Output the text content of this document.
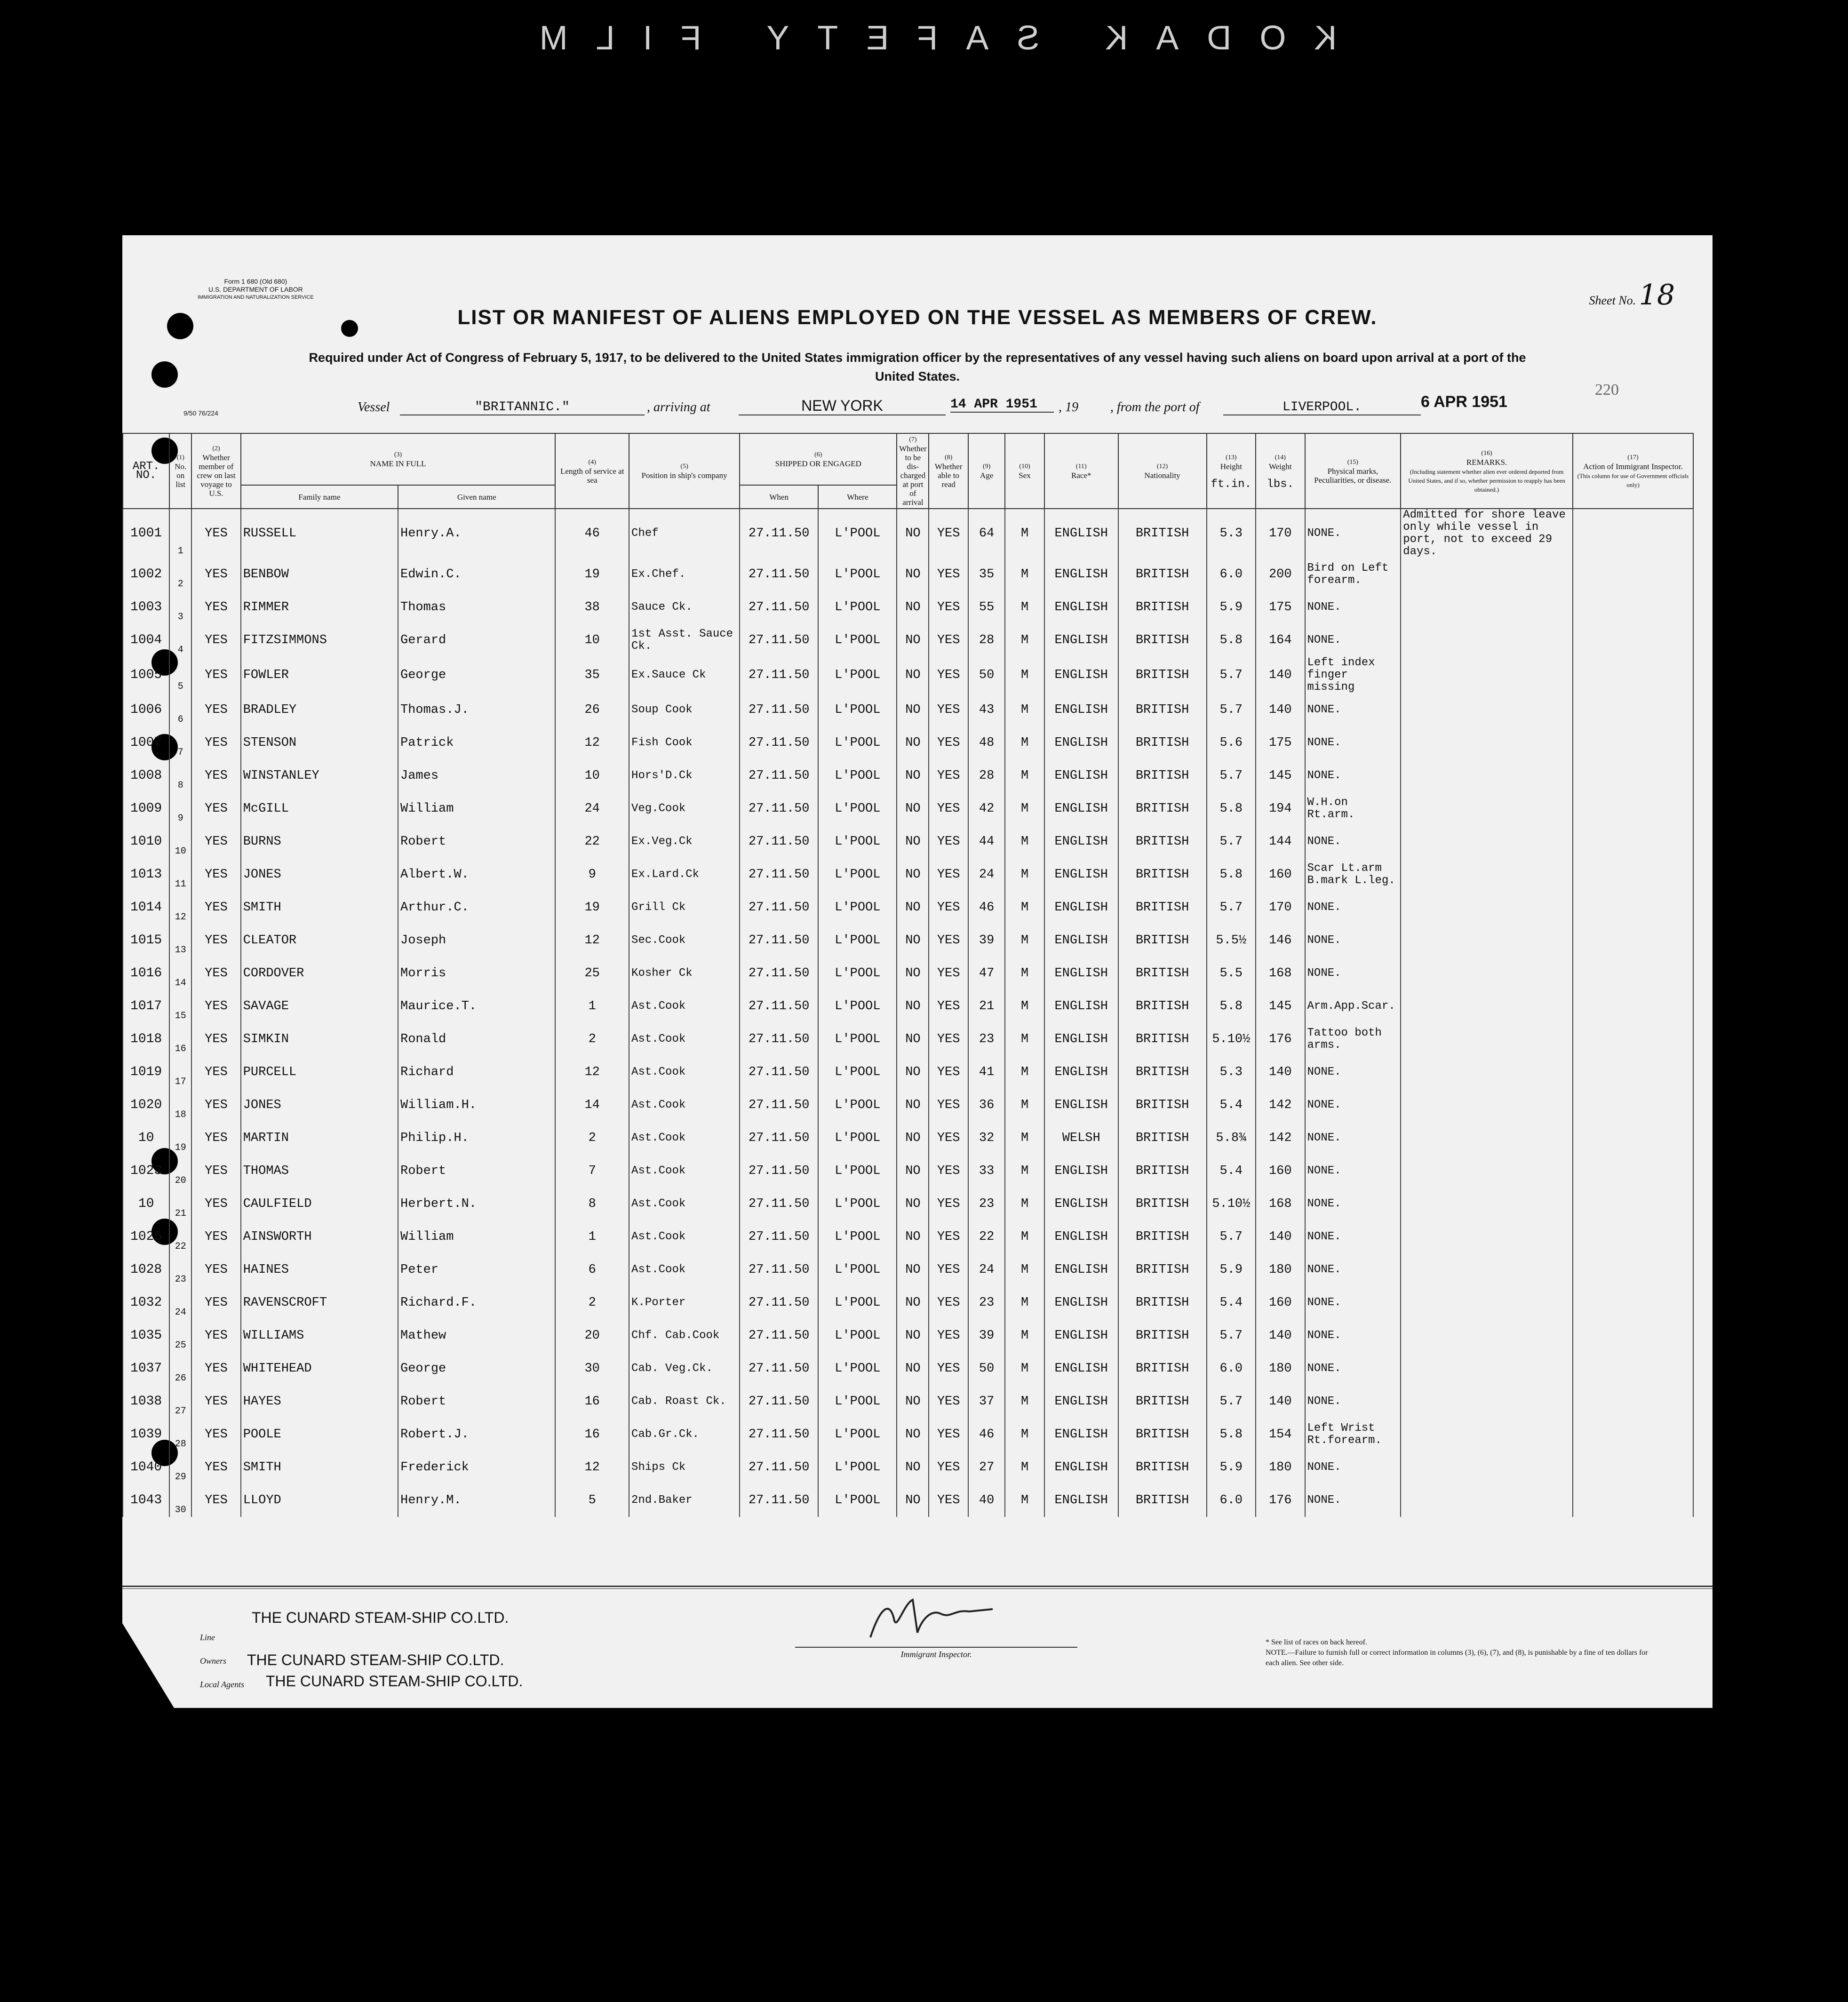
KODAK SAFETY FILM
Form 1 680 (Old 680)
U.S. DEPARTMENT OF LABOR
IMMIGRATION AND NATURALIZATION SERVICE	Sheet No. 18
LIST OR MANIFEST OF ALIENS EMPLOYED ON THE VESSEL AS MEMBERS OF CREW.
Required under Act of Congress of February 5, 1917, to be delivered to the United States immigration officer by the representatives of any vessel having such aliens on board upon arrival at a port of the United States.
9/50 76/224	Vessel	"BRITANNIC."	, arriving at	NEW YORK	14 APR 1951	, 19 , from the port of	LIVERPOOL.	6 APR 1951
220
ART. NO.	(1)
No. on list	(2)
Whether member of crew on last voyage to U.S.	(3)
NAME IN FULL		(4)
Length of service at sea	(5)
Position in ship's company	(6)
SHIPPED OR ENGAGED		(7)
Whether to be dis-charged at port of arrival	(8)
Whether able to read	(9)
Age	(10)
Sex	(11)
Race*	(12)
Nationality	(13)
Height

ft.in.	(14)
Weight

lbs.	(15)
Physical marks, Peculiarities, or disease.	(16)
REMARKS.
(Including statement whether alien ever ordered deported from United States, and if so, whether permission to reapply has been obtained.)	(17)
Action of Immigrant Inspector.
(This column for use of Government officials only)
			Family name	Given name			When	Where											
1001	1	YES	RUSSELL	Henry.A.	46	Chef	27.11.50	L'POOL	NO	YES	64	M	ENGLISH	BRITISH	5.3	170	NONE.	Admitted for shore leave only while vessel in port, not to exceed 29 days.	
1002	2	YES	BENBOW	Edwin.C.	19	Ex.Chef.	27.11.50	L'POOL	NO	YES	35	M	ENGLISH	BRITISH	6.0	200	Bird on Left forearm.		
1003	3	YES	RIMMER	Thomas	38	Sauce Ck.	27.11.50	L'POOL	NO	YES	55	M	ENGLISH	BRITISH	5.9	175	NONE.		
1004	4	YES	FITZSIMMONS	Gerard	10	1st Asst. Sauce Ck.	27.11.50	L'POOL	NO	YES	28	M	ENGLISH	BRITISH	5.8	164	NONE.		
1005	5	YES	FOWLER	George	35	Ex.Sauce Ck	27.11.50	L'POOL	NO	YES	50	M	ENGLISH	BRITISH	5.7	140	Left index finger missing		
1006	6	YES	BRADLEY	Thomas.J.	26	Soup Cook	27.11.50	L'POOL	NO	YES	43	M	ENGLISH	BRITISH	5.7	140	NONE.		
1007	7	YES	STENSON	Patrick	12	Fish Cook	27.11.50	L'POOL	NO	YES	48	M	ENGLISH	BRITISH	5.6	175	NONE.		
1008	8	YES	WINSTANLEY	James	10	Hors'D.Ck	27.11.50	L'POOL	NO	YES	28	M	ENGLISH	BRITISH	5.7	145	NONE.		
1009	9	YES	McGILL	William	24	Veg.Cook	27.11.50	L'POOL	NO	YES	42	M	ENGLISH	BRITISH	5.8	194	W.H.on Rt.arm.		
1010	10	YES	BURNS	Robert	22	Ex.Veg.Ck	27.11.50	L'POOL	NO	YES	44	M	ENGLISH	BRITISH	5.7	144	NONE.		
1013	11	YES	JONES	Albert.W.	9	Ex.Lard.Ck	27.11.50	L'POOL	NO	YES	24	M	ENGLISH	BRITISH	5.8	160	Scar Lt.arm B.mark L.leg.		
1014	12	YES	SMITH	Arthur.C.	19	Grill Ck	27.11.50	L'POOL	NO	YES	46	M	ENGLISH	BRITISH	5.7	170	NONE.		
1015	13	YES	CLEATOR	Joseph	12	Sec.Cook	27.11.50	L'POOL	NO	YES	39	M	ENGLISH	BRITISH	5.5½	146	NONE.		
1016	14	YES	CORDOVER	Morris	25	Kosher Ck	27.11.50	L'POOL	NO	YES	47	M	ENGLISH	BRITISH	5.5	168	NONE.		
1017	15	YES	SAVAGE	Maurice.T.	1	Ast.Cook	27.11.50	L'POOL	NO	YES	21	M	ENGLISH	BRITISH	5.8	145	Arm.App.Scar.		
1018	16	YES	SIMKIN	Ronald	2	Ast.Cook	27.11.50	L'POOL	NO	YES	23	M	ENGLISH	BRITISH	5.10½	176	Tattoo both arms.		
1019	17	YES	PURCELL	Richard	12	Ast.Cook	27.11.50	L'POOL	NO	YES	41	M	ENGLISH	BRITISH	5.3	140	NONE.		
1020	18	YES	JONES	William.H.	14	Ast.Cook	27.11.50	L'POOL	NO	YES	36	M	ENGLISH	BRITISH	5.4	142	NONE.		
10	19	YES	MARTIN	Philip.H.	2	Ast.Cook	27.11.50	L'POOL	NO	YES	32	M	WELSH	BRITISH	5.8¾	142	NONE.		
1023	20	YES	THOMAS	Robert	7	Ast.Cook	27.11.50	L'POOL	NO	YES	33	M	ENGLISH	BRITISH	5.4	160	NONE.		
10	21	YES	CAULFIELD	Herbert.N.	8	Ast.Cook	27.11.50	L'POOL	NO	YES	23	M	ENGLISH	BRITISH	5.10½	168	NONE.		
1025	22	YES	AINSWORTH	William	1	Ast.Cook	27.11.50	L'POOL	NO	YES	22	M	ENGLISH	BRITISH	5.7	140	NONE.		
1028	23	YES	HAINES	Peter	6	Ast.Cook	27.11.50	L'POOL	NO	YES	24	M	ENGLISH	BRITISH	5.9	180	NONE.		
1032	24	YES	RAVENSCROFT	Richard.F.	2	K.Porter	27.11.50	L'POOL	NO	YES	23	M	ENGLISH	BRITISH	5.4	160	NONE.		
1035	25	YES	WILLIAMS	Mathew	20	Chf. Cab.Cook	27.11.50	L'POOL	NO	YES	39	M	ENGLISH	BRITISH	5.7	140	NONE.		
1037	26	YES	WHITEHEAD	George	30	Cab. Veg.Ck.	27.11.50	L'POOL	NO	YES	50	M	ENGLISH	BRITISH	6.0	180	NONE.		
1038	27	YES	HAYES	Robert	16	Cab. Roast Ck.	27.11.50	L'POOL	NO	YES	37	M	ENGLISH	BRITISH	5.7	140	NONE.		
1039	28	YES	POOLE	Robert.J.	16	Cab.Gr.Ck.	27.11.50	L'POOL	NO	YES	46	M	ENGLISH	BRITISH	5.8	154	Left Wrist Rt.forearm.		
1040	29	YES	SMITH	Frederick	12	Ships Ck	27.11.50	L'POOL	NO	YES	27	M	ENGLISH	BRITISH	5.9	180	NONE.		
1043	30	YES	LLOYD	Henry.M.	5	2nd.Baker	27.11.50	L'POOL	NO	YES	40	M	ENGLISH	BRITISH	6.0	176	NONE.		
THE CUNARD STEAM-SHIP CO.LTD.
Line
Owners THE CUNARD STEAM-SHIP CO.LTD.
Local Agents THE CUNARD STEAM-SHIP CO.LTD.
Immigrant Inspector.
* See list of races on back hereof.
NOTE.—Failure to furnish full or correct information in columns (3), (6), (7), and (8), is punishable by a fine of ten dollars for each alien. See other side.
